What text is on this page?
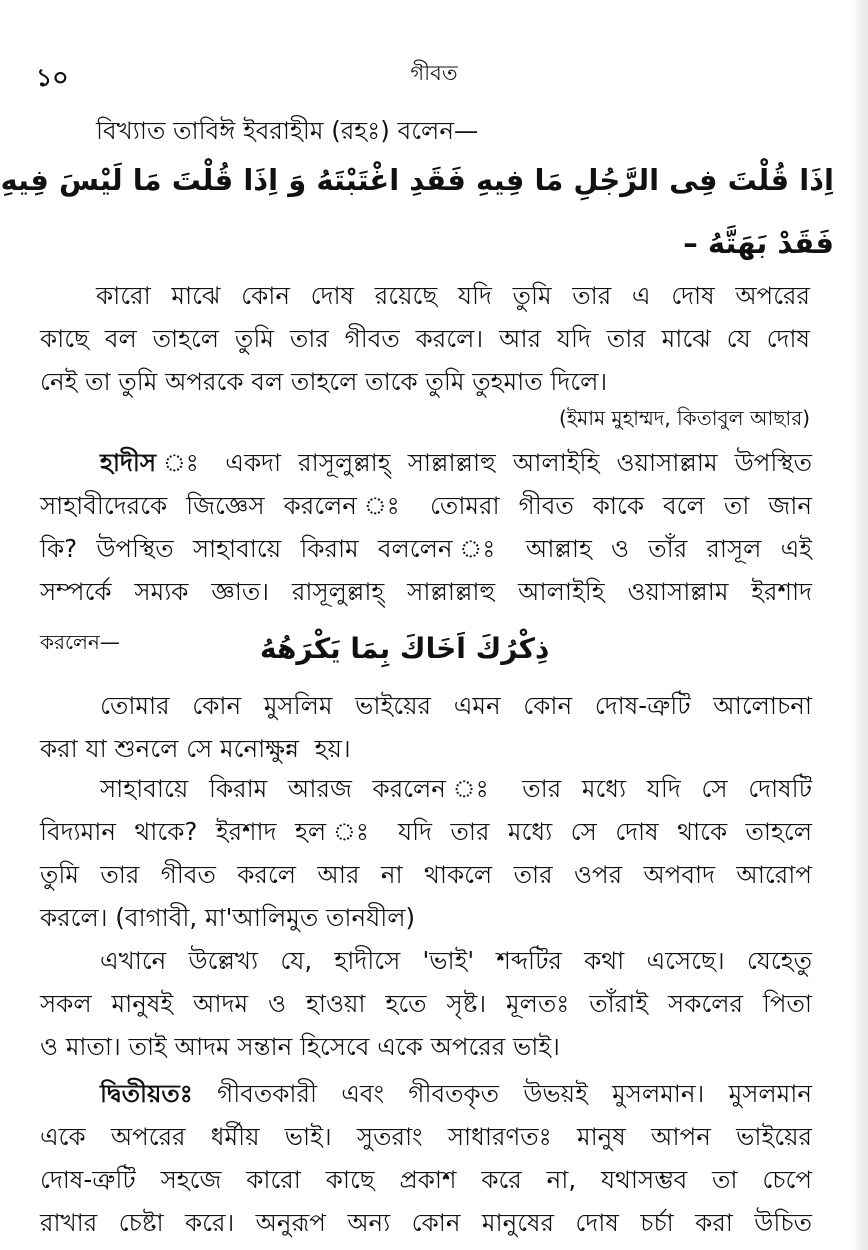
১০	গীবত
বিখ্যাত তাবিঈ ইবরাহীম (রহঃ) বলেন—
اِذَا قُلْتَ فِى الرَّجُلِ مَا فِيهِ فَقَدِ اغْتَبْتَهُ وَ اِذَا قُلْتَ مَا لَيْسَ فِيهِ
فَقَدْ بَهَتَّهُ –
কারো মাঝে কোন দোষ রয়েছে যদি তুমি তার এ দোষ অপরের
কাছে বল তাহলে তুমি তার গীবত করলে। আর যদি তার মাঝে যে দোষ
নেই তা তুমি অপরকে বল তাহলে তাকে তুমি তুহমাত দিলে।
(ইমাম মুহাম্মদ, কিতাবুল আছার)
হাদীস ঃ একদা রাসূলুল্লাহ্ সাল্লাল্লাহু আলাইহি ওয়াসাল্লাম উপস্থিত
সাহাবীদেরকে জিজ্ঞেস করলেন ঃ তোমরা গীবত কাকে বলে তা জান
কি? উপস্থিত সাহাবায়ে কিরাম বললেন ঃ আল্লাহ ও তাঁর রাসূল এই
সম্পর্কে সম্যক জ্ঞাত। রাসূলুল্লাহ্ সাল্লাল্লাহু আলাইহি ওয়াসাল্লাম ইরশাদ
করলেন—	ذِكْرُكَ اَخَاكَ بِمَا يَكْرَهُهُ
তোমার কোন মুসলিম ভাইয়ের এমন কোন দোষ-ত্রুটি আলোচনা
করা যা শুনলে সে মনোক্ষুন্ন  হয়।
সাহাবায়ে কিরাম আরজ করলেন ঃ তার মধ্যে যদি সে দোষটি
বিদ্যমান থাকে? ইরশাদ হল ঃ যদি তার মধ্যে সে দোষ থাকে তাহলে
তুমি তার গীবত করলে আর না থাকলে তার ওপর অপবাদ আরোপ
করলে। (বাগাবী, মা'আলিমুত তানযীল)
এখানে উল্লেখ্য যে, হাদীসে 'ভাই' শব্দটির কথা এসেছে। যেহেতু
সকল মানুষই আদম ও হাওয়া হতে সৃষ্ট। মূলতঃ তাঁরাই সকলের পিতা
ও মাতা। তাই আদম সন্তান হিসেবে একে অপরের ভাই।
দ্বিতীয়তঃ গীবতকারী এবং গীবতকৃত উভয়ই মুসলমান। মুসলমান
একে অপরের ধর্মীয় ভাই। সুতরাং সাধারণতঃ মানুষ আপন ভাইয়ের
দোষ-ত্রুটি সহজে কারো কাছে প্রকাশ করে না, যথাসম্ভব তা চেপে
রাখার চেষ্টা করে। অনুরূপ অন্য কোন মানুষের দোষ চর্চা করা উচিত
